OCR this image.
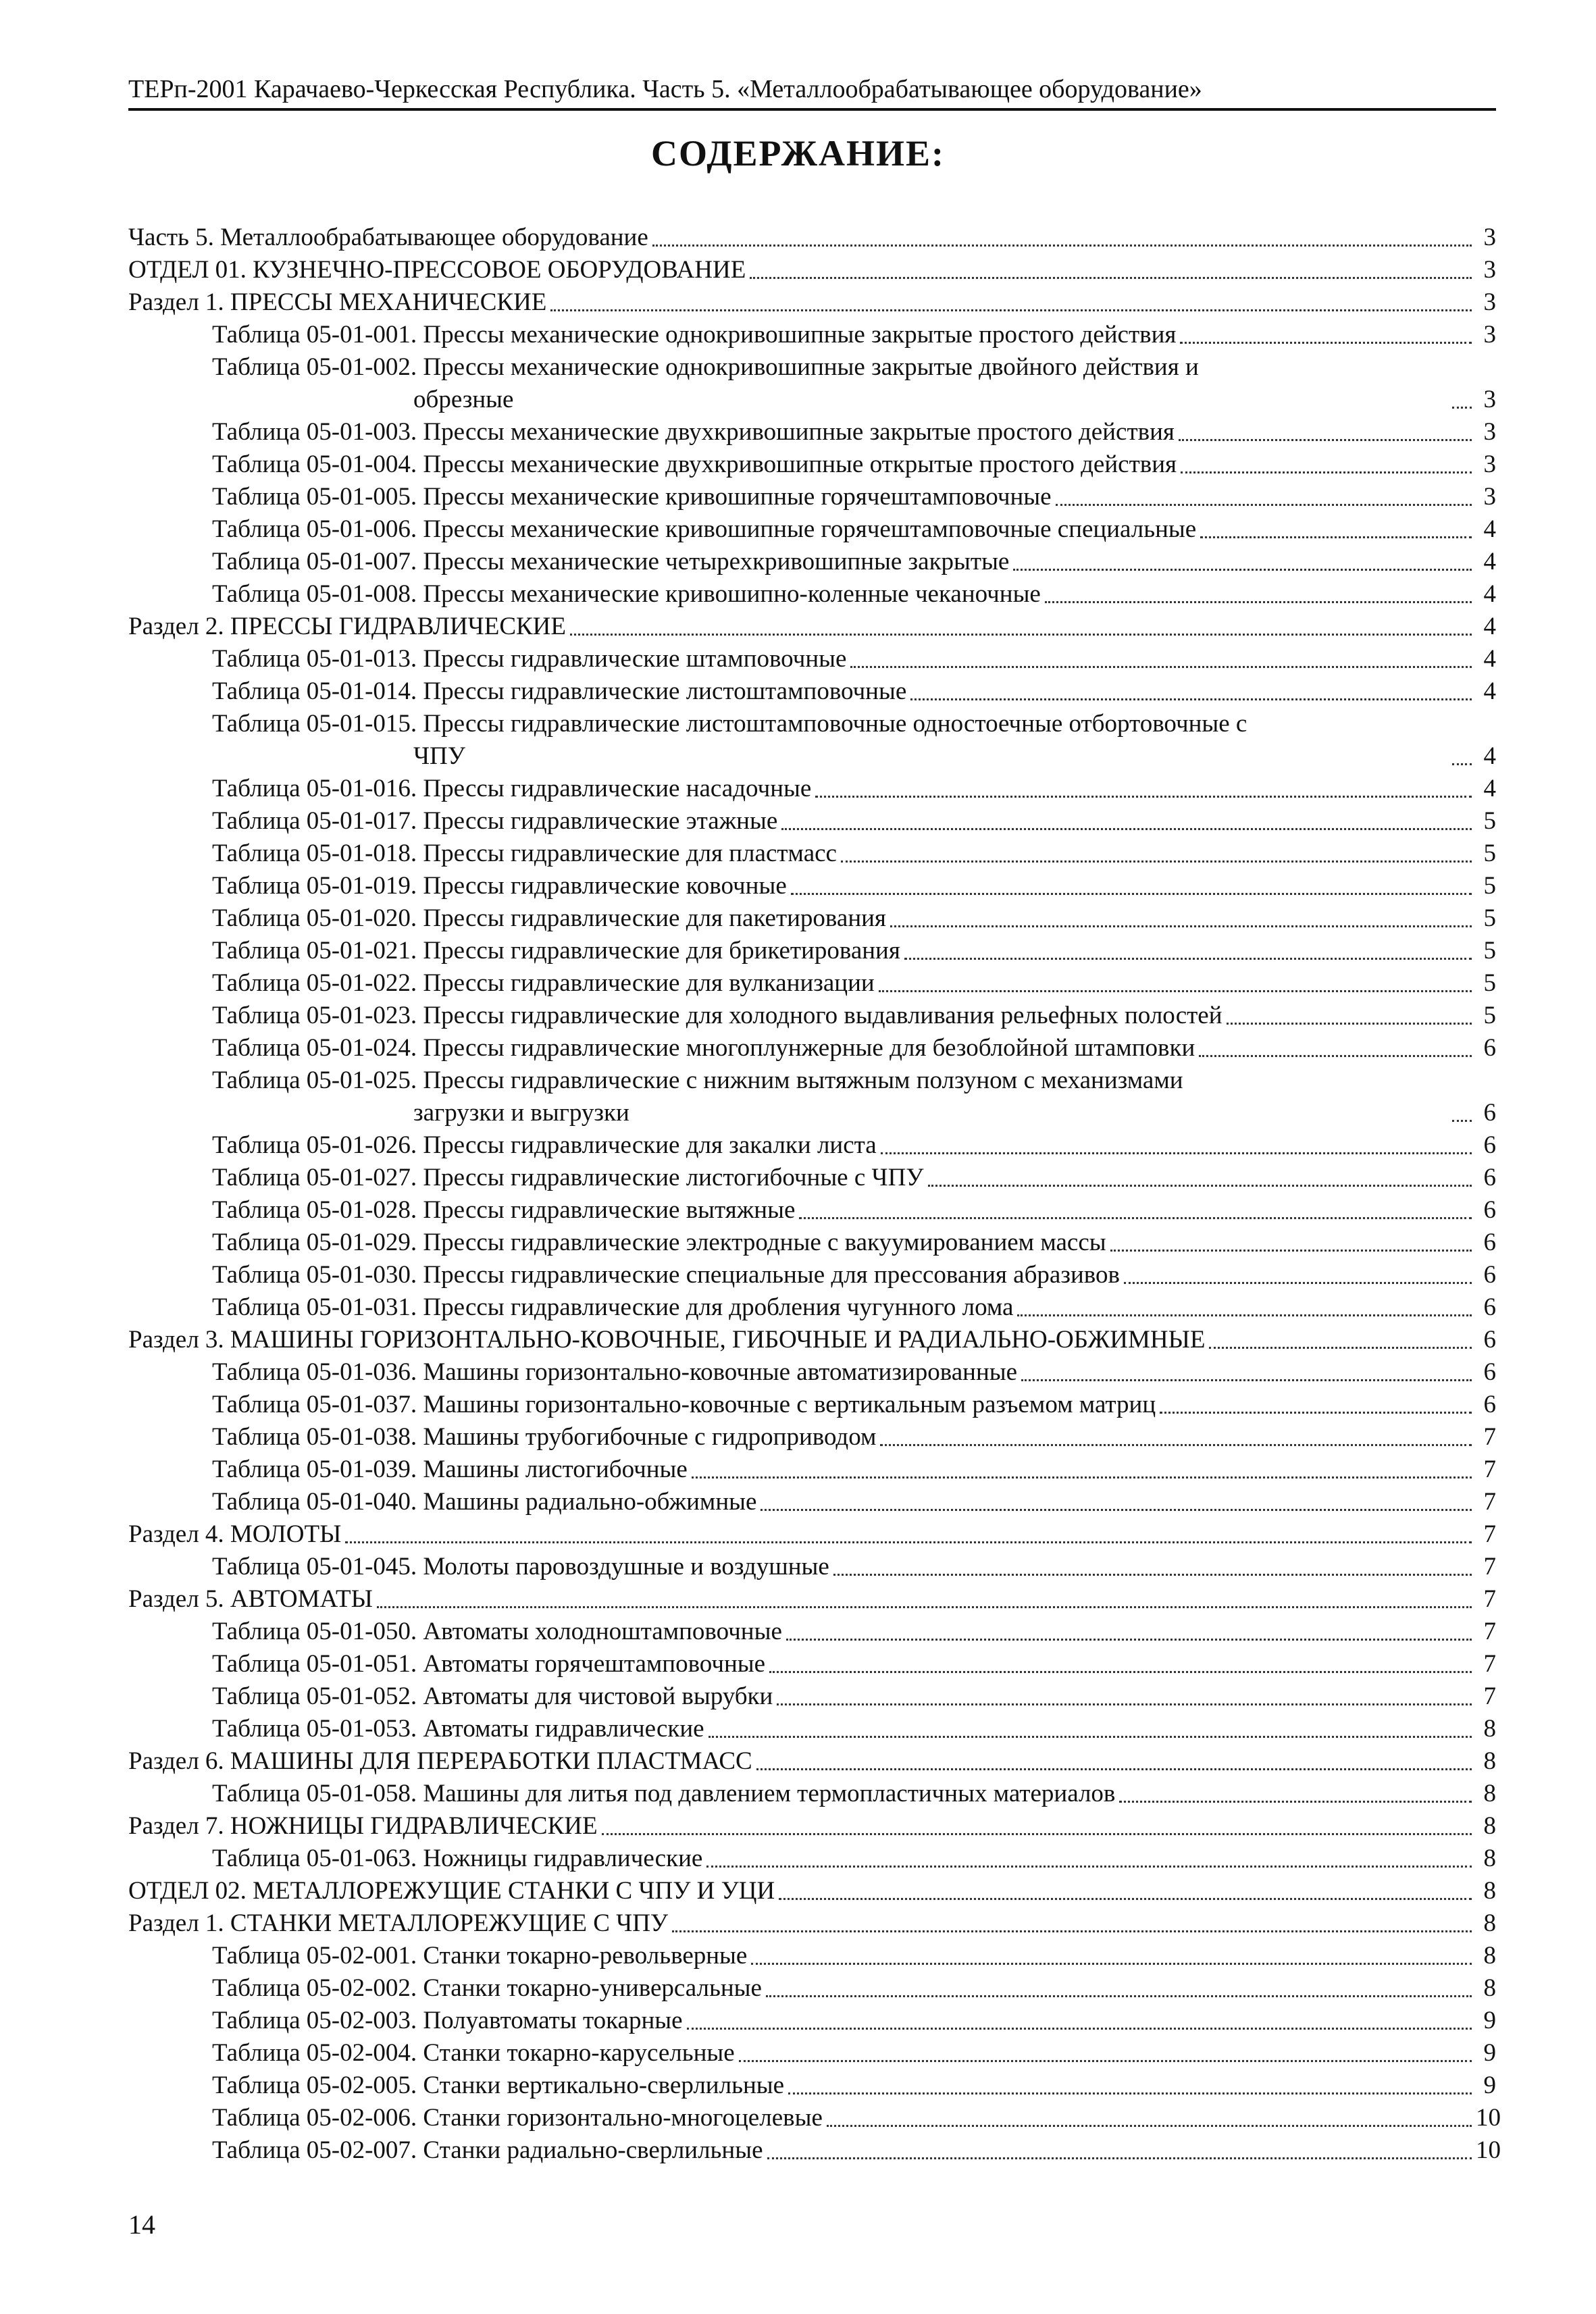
ТЕРп-2001 Карачаево-Черкесская Республика. Часть 5. «Металлообрабатывающее оборудование»
СОДЕРЖАНИЕ:
Часть 5. Металлообрабатывающее оборудование	3
ОТДЕЛ 01. КУЗНЕЧНО-ПРЕССОВОЕ ОБОРУДОВАНИЕ	3
Раздел 1. ПРЕССЫ МЕХАНИЧЕСКИЕ	3
Таблица 05-01-001. Прессы механические однокривошипные закрытые простого действия	3
Таблица 05-01-002. Прессы механические однокривошипные закрытые двойного действия и
обрезные	3
Таблица 05-01-003. Прессы механические двухкривошипные закрытые простого действия	3
Таблица 05-01-004. Прессы механические двухкривошипные открытые простого действия	3
Таблица 05-01-005. Прессы механические кривошипные горячештамповочные	3
Таблица 05-01-006. Прессы механические кривошипные горячештамповочные специальные	4
Таблица 05-01-007. Прессы механические четырехкривошипные закрытые	4
Таблица 05-01-008. Прессы механические кривошипно-коленные чеканочные	4
Раздел 2. ПРЕССЫ ГИДРАВЛИЧЕСКИЕ	4
Таблица 05-01-013. Прессы гидравлические штамповочные	4
Таблица 05-01-014. Прессы гидравлические листоштамповочные	4
Таблица 05-01-015. Прессы гидравлические листоштамповочные одностоечные отбортовочные с
ЧПУ	4
Таблица 05-01-016. Прессы гидравлические насадочные	4
Таблица 05-01-017. Прессы гидравлические этажные	5
Таблица 05-01-018. Прессы гидравлические для пластмасс	5
Таблица 05-01-019. Прессы гидравлические ковочные	5
Таблица 05-01-020. Прессы гидравлические для пакетирования	5
Таблица 05-01-021. Прессы гидравлические для брикетирования	5
Таблица 05-01-022. Прессы гидравлические для вулканизации	5
Таблица 05-01-023. Прессы гидравлические для холодного выдавливания рельефных полостей	5
Таблица 05-01-024. Прессы гидравлические многоплунжерные для безоблойной штамповки	6
Таблица 05-01-025. Прессы гидравлические с нижним вытяжным ползуном с механизмами
загрузки и выгрузки	6
Таблица 05-01-026. Прессы гидравлические для закалки листа	6
Таблица 05-01-027. Прессы гидравлические листогибочные с ЧПУ	6
Таблица 05-01-028. Прессы гидравлические вытяжные	6
Таблица 05-01-029. Прессы гидравлические электродные с вакуумированием массы	6
Таблица 05-01-030. Прессы гидравлические специальные для прессования абразивов	6
Таблица 05-01-031. Прессы гидравлические для дробления чугунного лома	6
Раздел 3. МАШИНЫ ГОРИЗОНТАЛЬНО-КОВОЧНЫЕ, ГИБОЧНЫЕ И РАДИАЛЬНО-ОБЖИМНЫЕ	6
Таблица 05-01-036. Машины горизонтально-ковочные автоматизированные	6
Таблица 05-01-037. Машины горизонтально-ковочные с вертикальным разъемом матриц	6
Таблица 05-01-038. Машины трубогибочные с гидроприводом	7
Таблица 05-01-039. Машины листогибочные	7
Таблица 05-01-040. Машины радиально-обжимные	7
Раздел 4. МОЛОТЫ	7
Таблица 05-01-045. Молоты паровоздушные и воздушные	7
Раздел 5. АВТОМАТЫ	7
Таблица 05-01-050. Автоматы холодноштамповочные	7
Таблица 05-01-051. Автоматы горячештамповочные	7
Таблица 05-01-052. Автоматы для чистовой вырубки	7
Таблица 05-01-053. Автоматы гидравлические	8
Раздел 6. МАШИНЫ ДЛЯ ПЕРЕРАБОТКИ ПЛАСТМАСС	8
Таблица 05-01-058. Машины для литья под давлением термопластичных материалов	8
Раздел 7. НОЖНИЦЫ ГИДРАВЛИЧЕСКИЕ	8
Таблица 05-01-063. Ножницы гидравлические	8
ОТДЕЛ 02. МЕТАЛЛОРЕЖУЩИЕ СТАНКИ С ЧПУ И УЦИ	8
Раздел 1. СТАНКИ МЕТАЛЛОРЕЖУЩИЕ С ЧПУ	8
Таблица 05-02-001. Станки токарно-револьверные	8
Таблица 05-02-002. Станки токарно-универсальные	8
Таблица 05-02-003. Полуавтоматы токарные	9
Таблица 05-02-004. Станки токарно-карусельные	9
Таблица 05-02-005. Станки вертикально-сверлильные	9
Таблица 05-02-006. Станки горизонтально-многоцелевые	10
Таблица 05-02-007. Станки радиально-сверлильные	10
14
